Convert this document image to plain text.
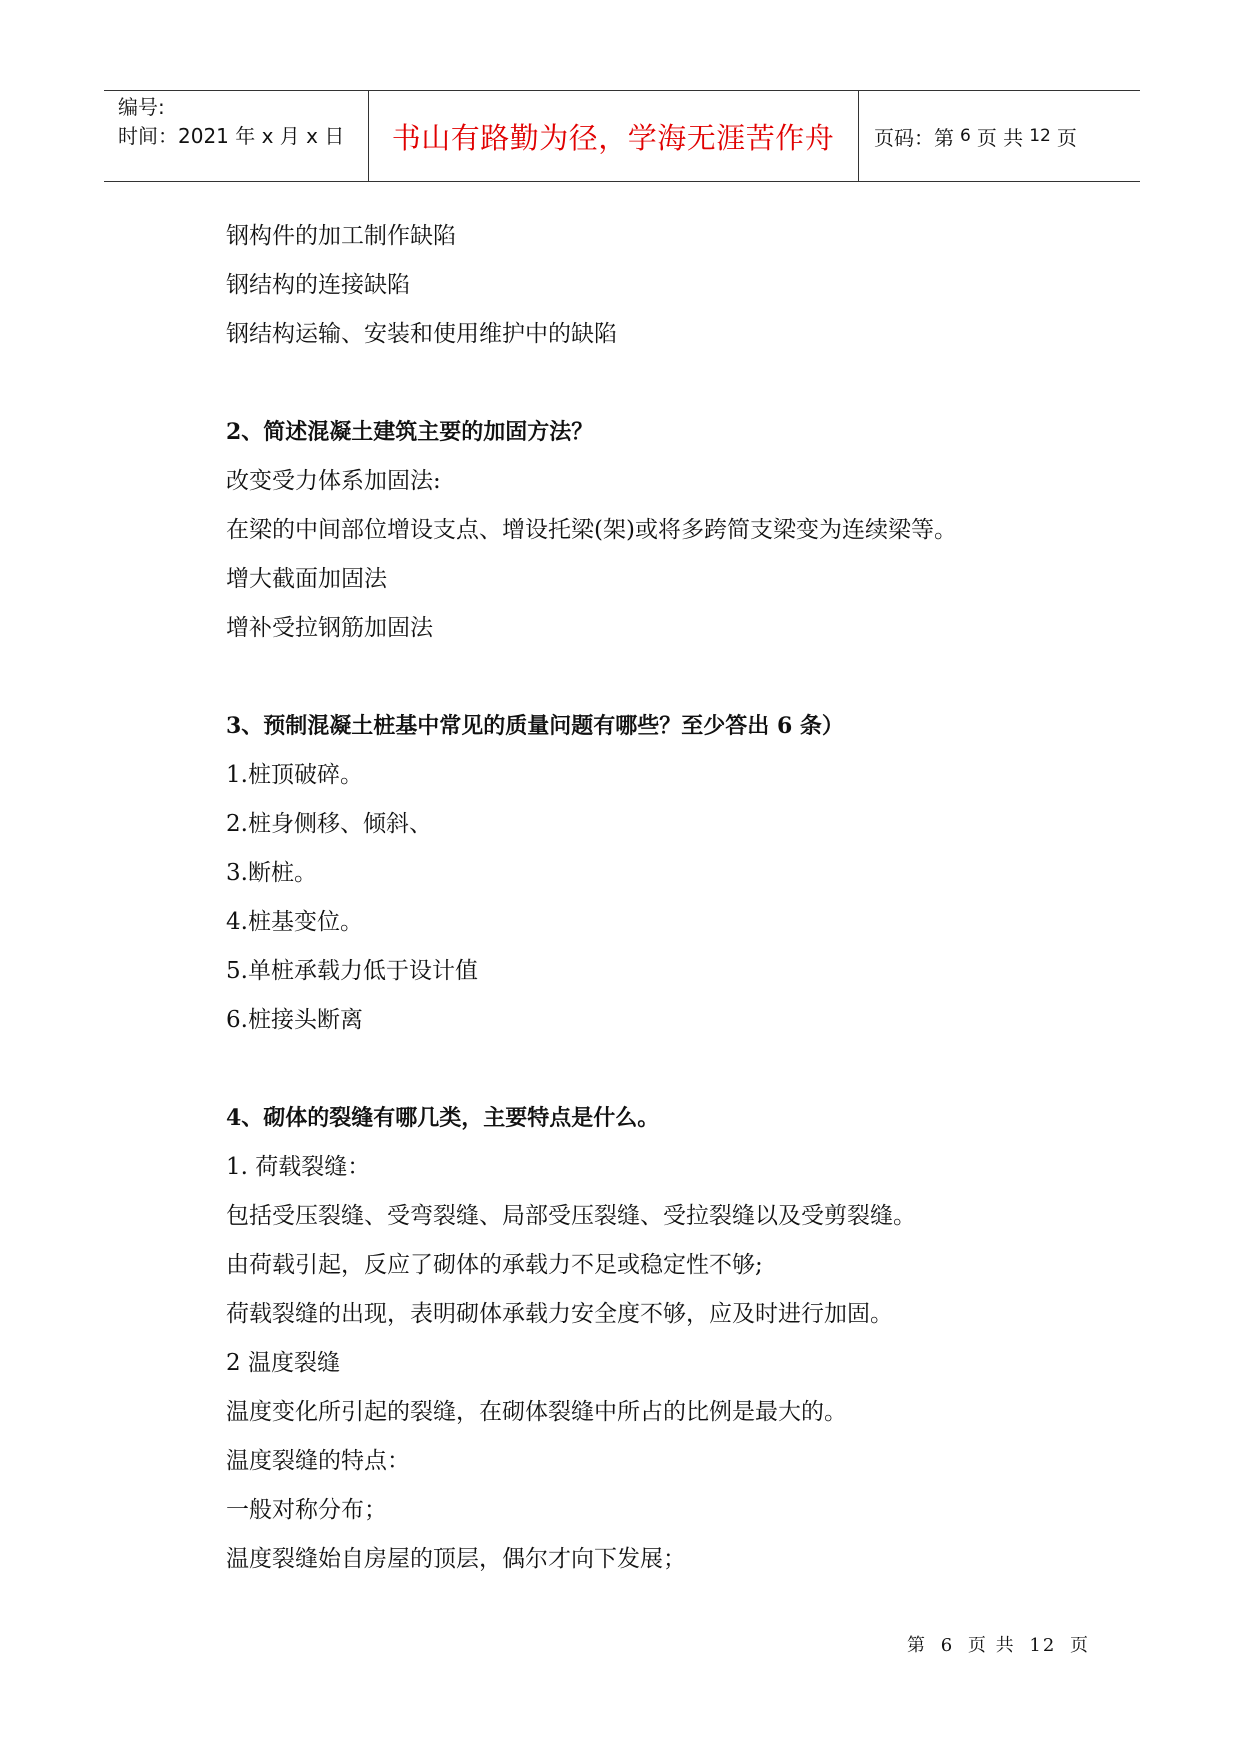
编号:
时间：2021 年 x 月 x 日	书山有路勤为径，学海无涯苦作舟	页码：第 6 页 共 12 页
钢构件的加工制作缺陷
钢结构的连接缺陷
钢结构运输、安装和使用维护中的缺陷
2、简述混凝土建筑主要的加固方法？
改变受力体系加固法:
在梁的中间部位增设支点、增设托梁(架)或将多跨简支梁变为连续梁等。
增大截面加固法
增补受拉钢筋加固法
3、预制混凝土桩基中常见的质量问题有哪些？至少答出 6 条）
1.桩顶破碎。
2.桩身侧移、倾斜、
3.断桩。
4.桩基变位。
5.单桩承载力低于设计值
6.桩接头断离
4、砌体的裂缝有哪几类，主要特点是什么。
1. 荷载裂缝：
包括受压裂缝、受弯裂缝、局部受压裂缝、受拉裂缝以及受剪裂缝。
由荷载引起，反应了砌体的承载力不足或稳定性不够;
荷载裂缝的出现，表明砌体承载力安全度不够，应及时进行加固。
2 温度裂缝
温度变化所引起的裂缝，在砌体裂缝中所占的比例是最大的。
温度裂缝的特点：
一般对称分布；
温度裂缝始自房屋的顶层，偶尔才向下发展；
第 6 页 共 12 页
